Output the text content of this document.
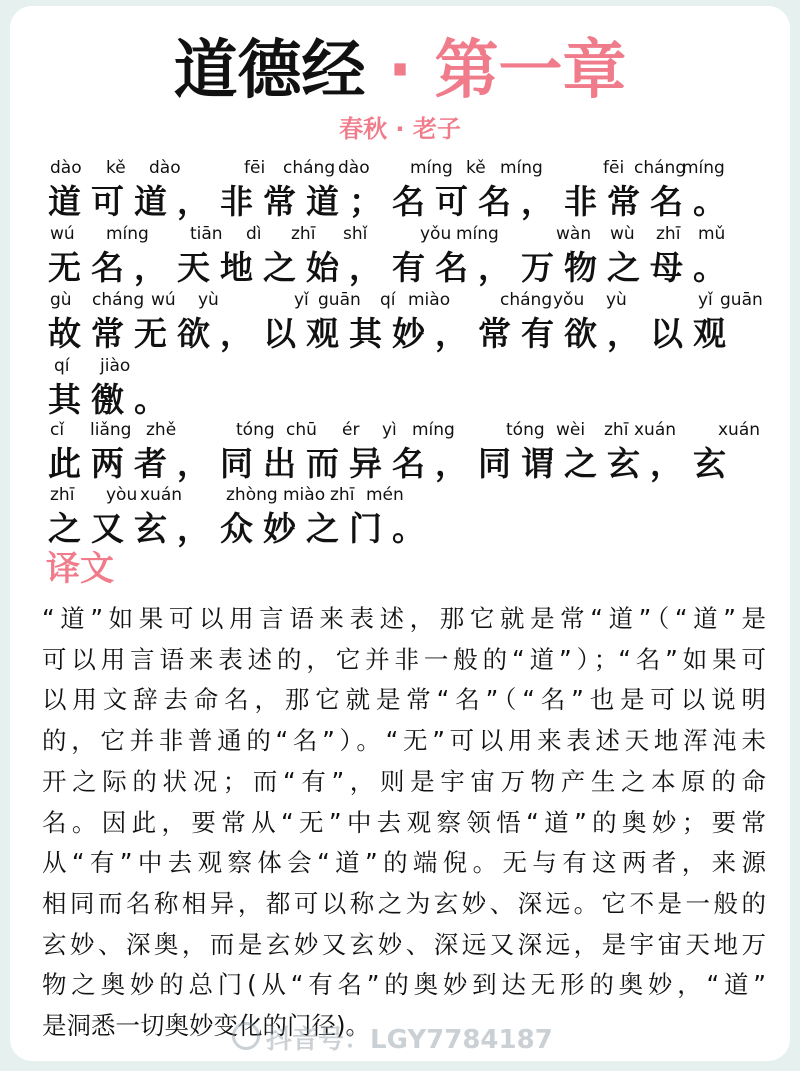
道德经 · 第一章
春秋 · 老子
dào kě dào	fēi cháng dào míng kě míng	fēi cháng
míng
道可道，非常道；名可名，非常名。
wú míng tiān dì zhī shǐ	yǒu míng	wàn wù zhī mǔ
无名，天地之始，有名，万物之母。
gù cháng wú yù	yǐ guān qí miào	cháng yǒu yù	yǐ guān
故常无欲，以观其妙，常有欲，以观
qí jiào
其徼。
cǐ liǎng zhě	tóng chū ér yì míng	tóng wèi zhī xuán xuán
此两者，同出而异名，同谓之玄，玄
zhī yòu xuán	zhòng miào zhī mén
之又玄，众妙之门。
译文
“道”如果可以用言语来表述，那它就是常“道”（“道”是
可以用言语来表述的，它并非一般的“道”）；“名”如果可
以用文辞去命名，那它就是常“名”（“名”也是可以说明
的，它并非普通的“名”）。“无”可以用来表述天地浑沌未
开之际的状况；而“有”，则是宇宙万物产生之本原的命
名。因此，要常从“无”中去观察领悟“道”的奥妙；要常
从“有”中去观察体会“道”的端倪。无与有这两者，来源
相同而名称相异，都可以称之为玄妙、深远。它不是一般的
玄妙、深奥，而是玄妙又玄妙、深远又深远，是宇宙天地万
物之奥妙的总门(从“有名”的奥妙到达无形的奥妙，“道”
是洞悉一切奥妙变化的门径)。
抖音号：LGY7784187
